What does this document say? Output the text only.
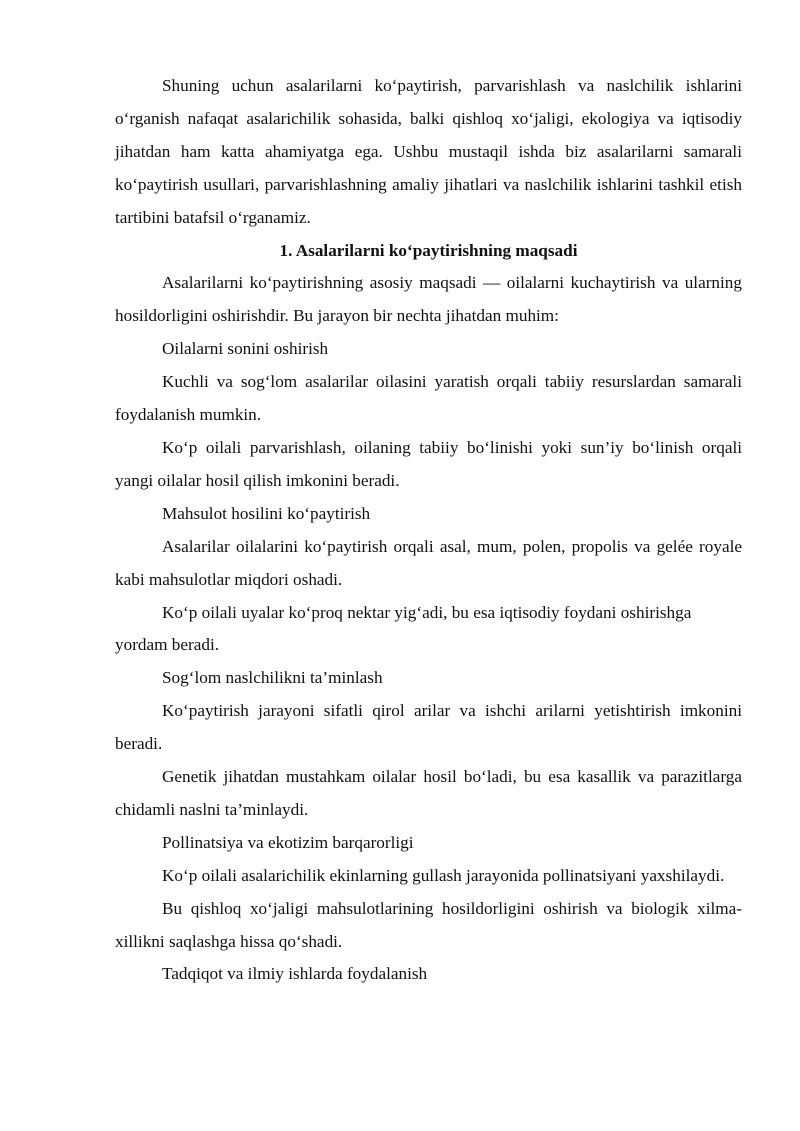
Shuning uchun asalarilarni ko‘paytirish, parvarishlash va naslchilik ishlarini o‘rganish nafaqat asalarichilik sohasida, balki qishloq xo‘jaligi, ekologiya va iqtisodiy jihatdan ham katta ahamiyatga ega. Ushbu mustaqil ishda biz asalarilarni samarali ko‘paytirish usullari, parvarishlashning amaliy jihatlari va naslchilik ishlarini tashkil etish tartibini batafsil o‘rganamiz.

1. Asalarilarni ko‘paytirishning maqsadi

Asalarilarni ko‘paytirishning asosiy maqsadi — oilalarni kuchaytirish va ularning hosildorligini oshirishdir. Bu jarayon bir nechta jihatdan muhim:

Oilalarni sonini oshirish

Kuchli va sog‘lom asalarilar oilasini yaratish orqali tabiiy resurslardan samarali foydalanish mumkin.

Ko‘p oilali parvarishlash, oilaning tabiiy bo‘linishi yoki sun’iy bo‘linish orqali yangi oilalar hosil qilish imkonini beradi.

Mahsulot hosilini ko‘paytirish

Asalarilar oilalarini ko‘paytirish orqali asal, mum, polen, propolis va gelée royale kabi mahsulotlar miqdori oshadi.

Ko‘p oilali uyalar ko‘proq nektar yig‘adi, bu esa iqtisodiy foydani oshirishga yordam beradi.

Sog‘lom naslchilikni ta’minlash

Ko‘paytirish jarayoni sifatli qirol arilar va ishchi arilarni yetishtirish imkonini beradi.

Genetik jihatdan mustahkam oilalar hosil bo‘ladi, bu esa kasallik va parazitlarga chidamli naslni ta’minlaydi.

Pollinatsiya va ekotizim barqarorligi

Ko‘p oilali asalarichilik ekinlarning gullash jarayonida pollinatsiyani yaxshilaydi.

Bu qishloq xo‘jaligi mahsulotlarining hosildorligini oshirish va biologik xilma-xillikni saqlashga hissa qo‘shadi.

Tadqiqot va ilmiy ishlarda foydalanish
